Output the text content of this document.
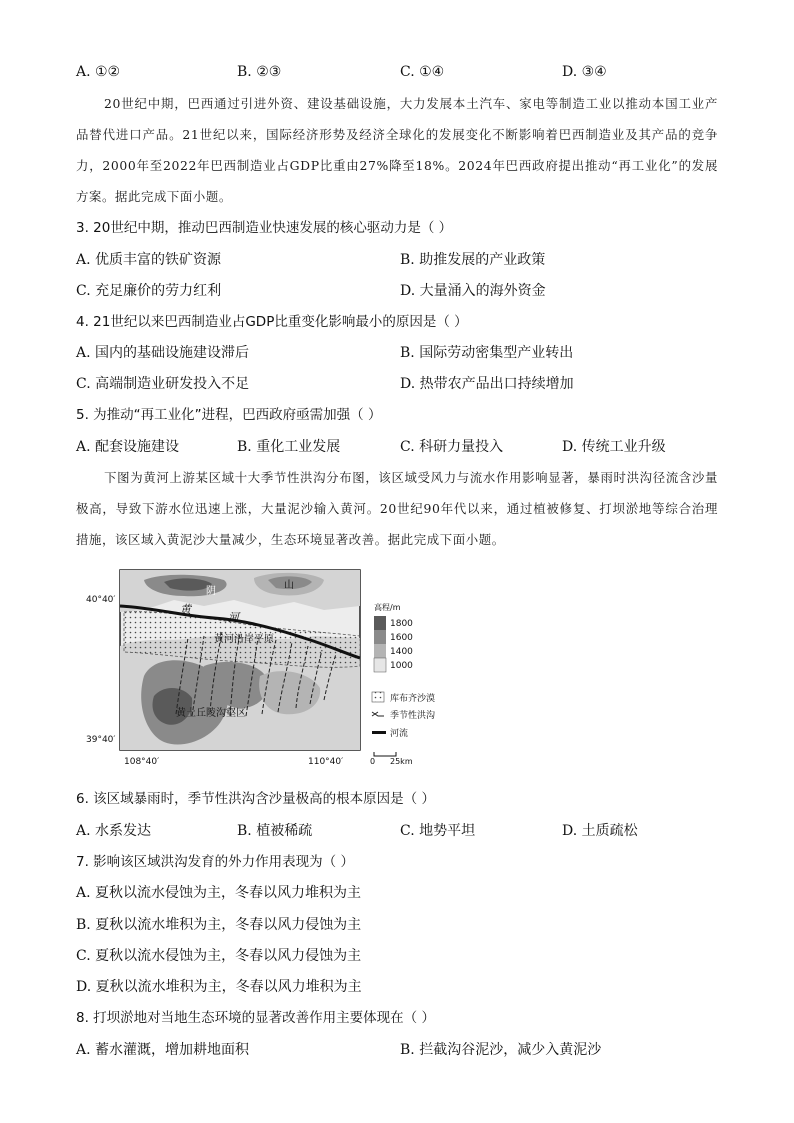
A. ①②	B. ②③	C. ①④	D. ③④
20世纪中期，巴西通过引进外资、建设基础设施，大力发展本土汽车、家电等制造工业以推动本国工业产品替代进口产品。21世纪以来，国际经济形势及经济全球化的发展变化不断影响着巴西制造业及其产品的竞争力，2000年至2022年巴西制造业占GDP比重由27%降至18%。2024年巴西政府提出推动“再工业化”的发展方案。据此完成下面小题。
3. 20世纪中期，推动巴西制造业快速发展的核心驱动力是（ ）
A. 优质丰富的铁矿资源	B. 助推发展的产业政策
C. 充足廉价的劳力红利	D. 大量涌入的海外资金
4. 21世纪以来巴西制造业占GDP比重变化影响最小的原因是（ ）
A. 国内的基础设施建设滞后	B. 国际劳动密集型产业转出
C. 高端制造业研发投入不足	D. 热带农产品出口持续增加
5. 为推动“再工业化”进程，巴西政府亟需加强（ ）
A. 配套设施建设	B. 重化工业发展	C. 科研力量投入	D. 传统工业升级
下图为黄河上游某区域十大季节性洪沟分布图，该区域受风力与流水作用影响显著，暴雨时洪沟径流含沙量极高，导致下游水位迅速上涨，大量泥沙输入黄河。20世纪90年代以来，通过植被修复、打坝淤地等综合治理措施，该区域入黄泥沙大量减少，生态环境显著改善。据此完成下面小题。
阴
山
黄
河
黄河沿岸平原
黄土丘陵沟壑区
40°40′
39°40′
108°40′	110°40′
高程/m
1800
1600
1400
1000
库布齐沙漠
季节性洪沟
河流
0 25km
6. 该区域暴雨时，季节性洪沟含沙量极高的根本原因是（ ）
A. 水系发达	B. 植被稀疏	C. 地势平坦	D. 土质疏松
7. 影响该区域洪沟发育的外力作用表现为（ ）
A. 夏秋以流水侵蚀为主，冬春以风力堆积为主
B. 夏秋以流水堆积为主，冬春以风力侵蚀为主
C. 夏秋以流水侵蚀为主，冬春以风力侵蚀为主
D. 夏秋以流水堆积为主，冬春以风力堆积为主
8. 打坝淤地对当地生态环境的显著改善作用主要体现在（ ）
A. 蓄水灌溉，增加耕地面积	B. 拦截沟谷泥沙，减少入黄泥沙
